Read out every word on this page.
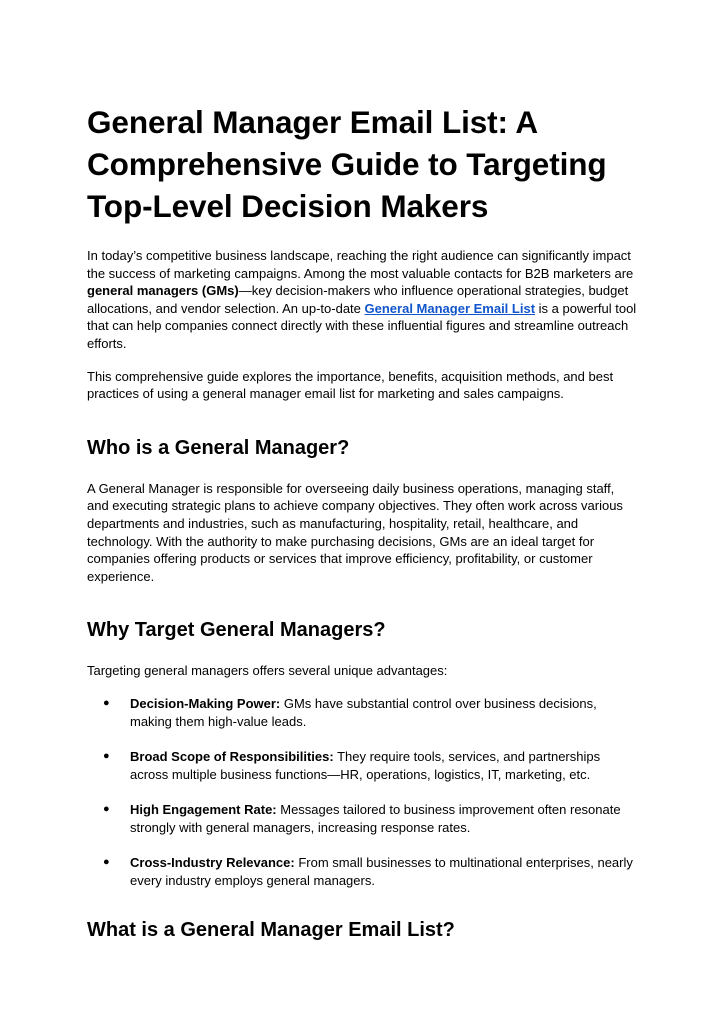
General Manager Email List: A Comprehensive Guide to Targeting Top-Level Decision Makers

In today’s competitive business landscape, reaching the right audience can significantly impact the success of marketing campaigns. Among the most valuable contacts for B2B marketers are general managers (GMs)—key decision-makers who influence operational strategies, budget allocations, and vendor selection. An up-to-date General Manager Email List is a powerful tool that can help companies connect directly with these influential figures and streamline outreach efforts.

This comprehensive guide explores the importance, benefits, acquisition methods, and best practices of using a general manager email list for marketing and sales campaigns.

Who is a General Manager?

A General Manager is responsible for overseeing daily business operations, managing staff, and executing strategic plans to achieve company objectives. They often work across various departments and industries, such as manufacturing, hospitality, retail, healthcare, and technology. With the authority to make purchasing decisions, GMs are an ideal target for companies offering products or services that improve efficiency, profitability, or customer experience.

Why Target General Managers?

Targeting general managers offers several unique advantages:

● Decision-Making Power: GMs have substantial control over business decisions, making them high-value leads.
● Broad Scope of Responsibilities: They require tools, services, and partnerships across multiple business functions—HR, operations, logistics, IT, marketing, etc.
● High Engagement Rate: Messages tailored to business improvement often resonate strongly with general managers, increasing response rates.
● Cross-Industry Relevance: From small businesses to multinational enterprises, nearly every industry employs general managers.
What is a General Manager Email List?
